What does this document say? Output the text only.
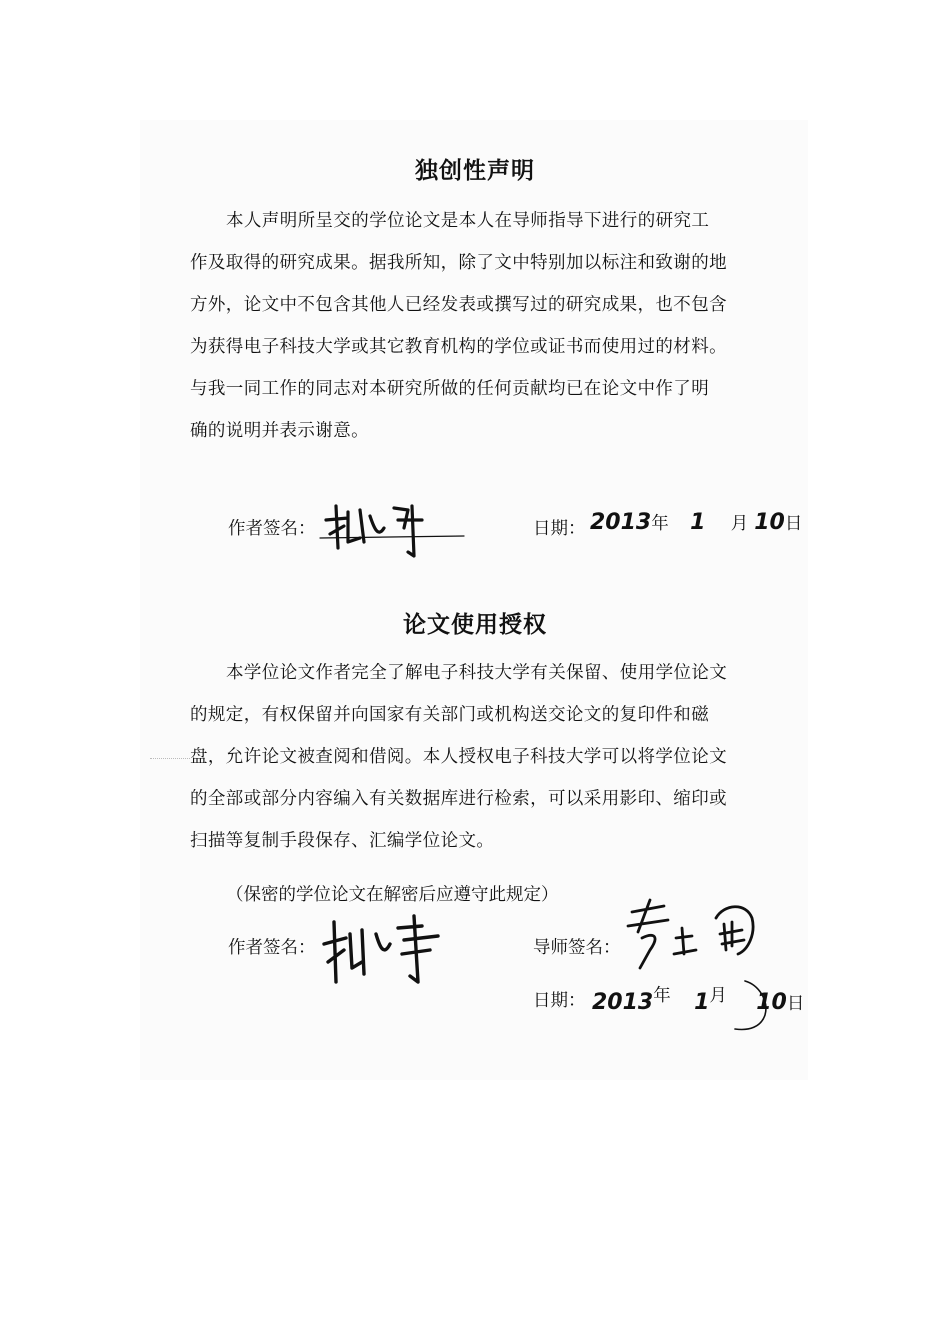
独创性声明
本人声明所呈交的学位论文是本人在导师指导下进行的研究工
作及取得的研究成果。据我所知，除了文中特别加以标注和致谢的地
方外，论文中不包含其他人已经发表或撰写过的研究成果，也不包含
为获得电子科技大学或其它教育机构的学位或证书而使用过的材料。
与我一同工作的同志对本研究所做的任何贡献均已在论文中作了明
确的说明并表示谢意。
作者签名：	日期： 2013年 1 月 10日
论文使用授权
本学位论文作者完全了解电子科技大学有关保留、使用学位论文
的规定，有权保留并向国家有关部门或机构送交论文的复印件和磁
盘，允许论文被查阅和借阅。本人授权电子科技大学可以将学位论文
的全部或部分内容编入有关数据库进行检索，可以采用影印、缩印或
扫描等复制手段保存、汇编学位论文。
（保密的学位论文在解密后应遵守此规定）
作者签名：	导师签名：
日期： $2013^年$ $1^月$ 10日
